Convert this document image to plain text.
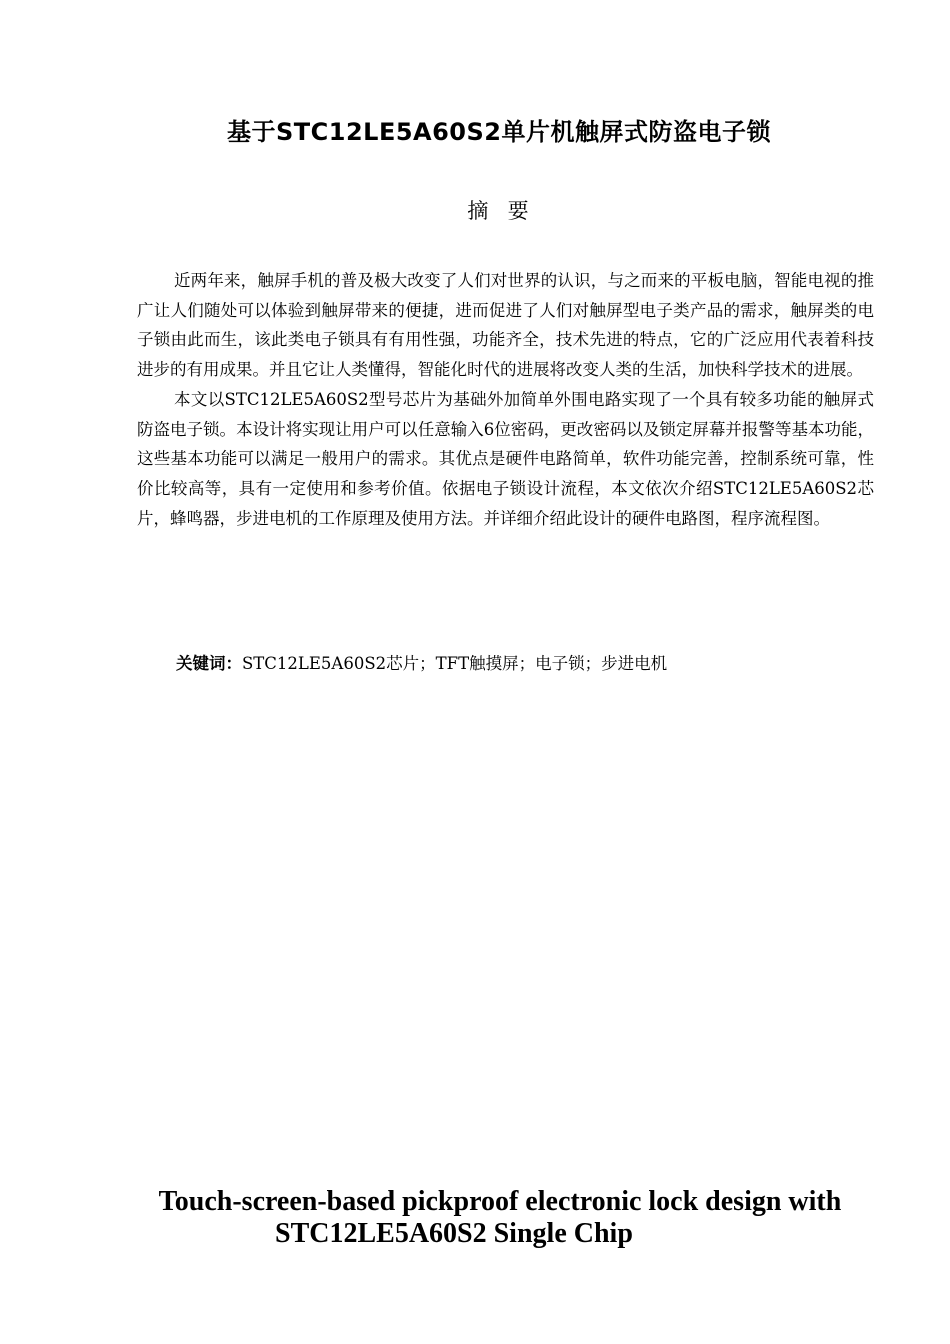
基于STC12LE5A60S2单片机触屏式防盗电子锁
摘  要

近两年来，触屏手机的普及极大改变了人们对世界的认识，与之而来的平板电脑，智能电视的推广让人们随处可以体验到触屏带来的便捷，进而促进了人们对触屏型电子类产品的需求，触屏类的电子锁由此而生，该此类电子锁具有有用性强，功能齐全，技术先进的特点，它的广泛应用代表着科技进步的有用成果。并且它让人类懂得，智能化时代的进展将改变人类的生活，加快科学技术的进展。

本文以STC12LE5A60S2型号芯片为基础外加简单外围电路实现了一个具有较多功能的触屏式防盗电子锁。本设计将实现让用户可以任意输入6位密码，更改密码以及锁定屏幕并报警等基本功能，这些基本功能可以满足一般用户的需求。其优点是硬件电路简单，软件功能完善，控制系统可靠，性价比较高等，具有一定使用和参考价值。依据电子锁设计流程，本文依次介绍STC12LE5A60S2芯片，蜂鸣器，步进电机的工作原理及使用方法。并详细介绍此设计的硬件电路图，程序流程图。

关键词：STC12LE5A60S2芯片；TFT触摸屏；电子锁；步进电机
Touch-screen-based pickproof electronic lock design with
STC12LE5A60S2 Single Chip
